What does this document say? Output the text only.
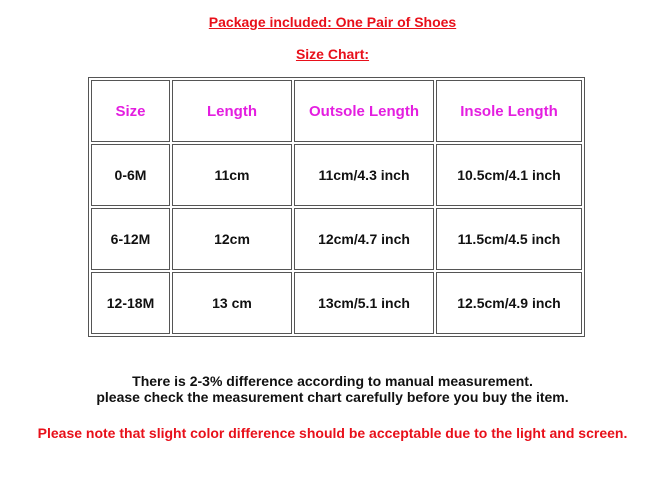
Package included: One Pair of Shoes
Size Chart:
Size	Length	Outsole Length	Insole Length
0-6M	11cm	11cm/4.3 inch	10.5cm/4.1 inch
6-12M	12cm	12cm/4.7 inch	11.5cm/4.5 inch
12-18M	13 cm	13cm/5.1 inch	12.5cm/4.9 inch
There is 2-3% difference according to manual measurement.
please check the measurement chart carefully before you buy the item.
Please note that slight color difference should be acceptable due to the light and screen.
